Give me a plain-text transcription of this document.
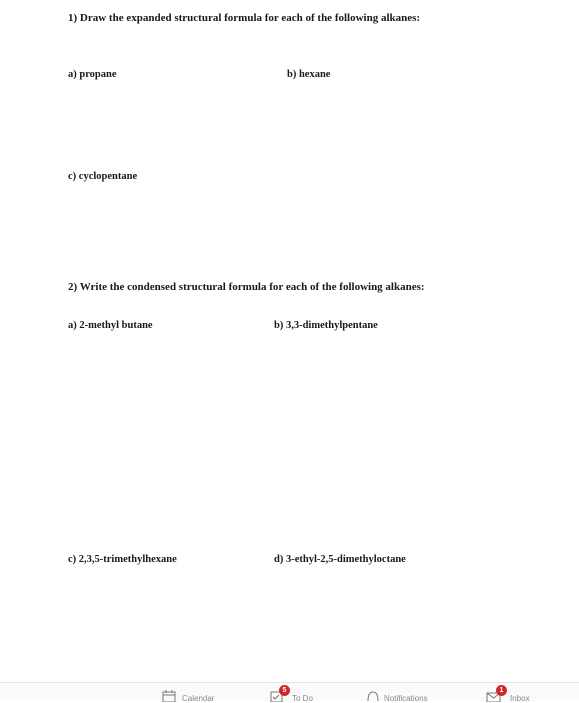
1) Draw the expanded structural formula for each of the following alkanes:
a) propane	b) hexane
c) cyclopentane
2) Write the condensed structural formula for each of the following alkanes:
a) 2-methyl butane	b) 3,3-dimethylpentane
c) 2,3,5-trimethylhexane	d) 3-ethyl-2,5-dimethyloctane
Calendar
5
To Do	Notifications
1
Inbox
